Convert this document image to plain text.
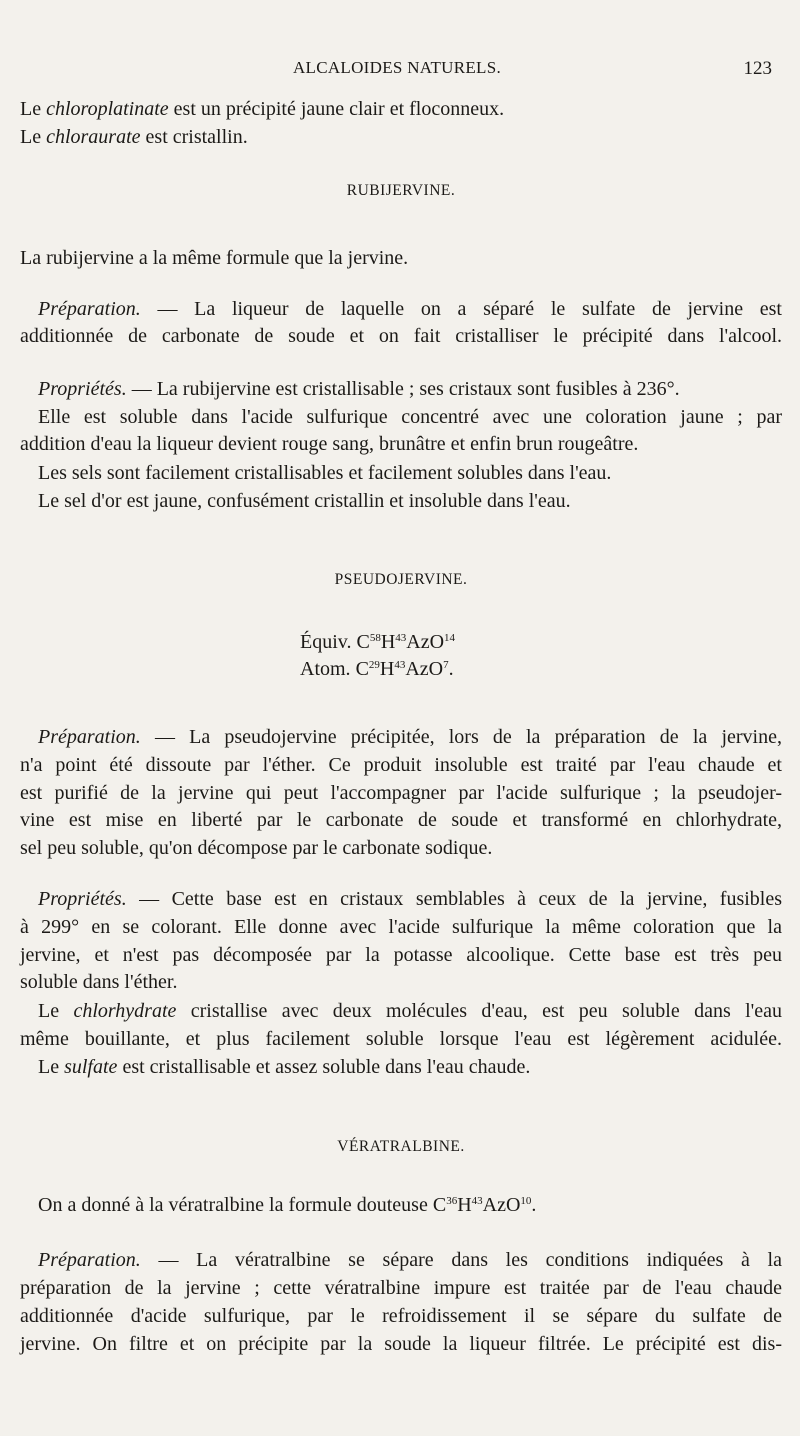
ALCALOIDES NATURELS.	123
Le chloroplatinate est un précipité jaune clair et floconneux.
Le chloraurate est cristallin.
RUBIJERVINE.
La rubijervine a la même formule que la jervine.
Préparation. — La liqueur de laquelle on a séparé le sulfate de jervine est
additionnée de carbonate de soude et on fait cristalliser le précipité dans l'alcool.
Propriétés. — La rubijervine est cristallisable ; ses cristaux sont fusibles à 236°.
Elle est soluble dans l'acide sulfurique concentré avec une coloration jaune ; par
addition d'eau la liqueur devient rouge sang, brunâtre et enfin brun rougeâtre.
Les sels sont facilement cristallisables et facilement solubles dans l'eau.
Le sel d'or est jaune, confusément cristallin et insoluble dans l'eau.
PSEUDOJERVINE.
Équiv. $C^{58}H^{43}AzO^{14}$
Atom. $C^{29}H^{43}AzO^7$.
Préparation. — La pseudojervine précipitée, lors de la préparation de la jervine,
n'a point été dissoute par l'éther. Ce produit insoluble est traité par l'eau chaude et
est purifié de la jervine qui peut l'accompagner par l'acide sulfurique ; la pseudojer-
vine est mise en liberté par le carbonate de soude et transformé en chlorhydrate,
sel peu soluble, qu'on décompose par le carbonate sodique.
Propriétés. — Cette base est en cristaux semblables à ceux de la jervine, fusibles
à 299° en se colorant. Elle donne avec l'acide sulfurique la même coloration que la
jervine, et n'est pas décomposée par la potasse alcoolique. Cette base est très peu
soluble dans l'éther.
Le chlorhydrate cristallise avec deux molécules d'eau, est peu soluble dans l'eau
même bouillante, et plus facilement soluble lorsque l'eau est légèrement acidulée.
Le sulfate est cristallisable et assez soluble dans l'eau chaude.
VÉRATRALBINE.
On a donné à la vératralbine la formule douteuse $C^{36}H^{43}AzO^{10}$.
Préparation. — La vératralbine se sépare dans les conditions indiquées à la
préparation de la jervine ; cette vératralbine impure est traitée par de l'eau chaude
additionnée d'acide sulfurique, par le refroidissement il se sépare du sulfate de
jervine. On filtre et on précipite par la soude la liqueur filtrée. Le précipité est dis-
